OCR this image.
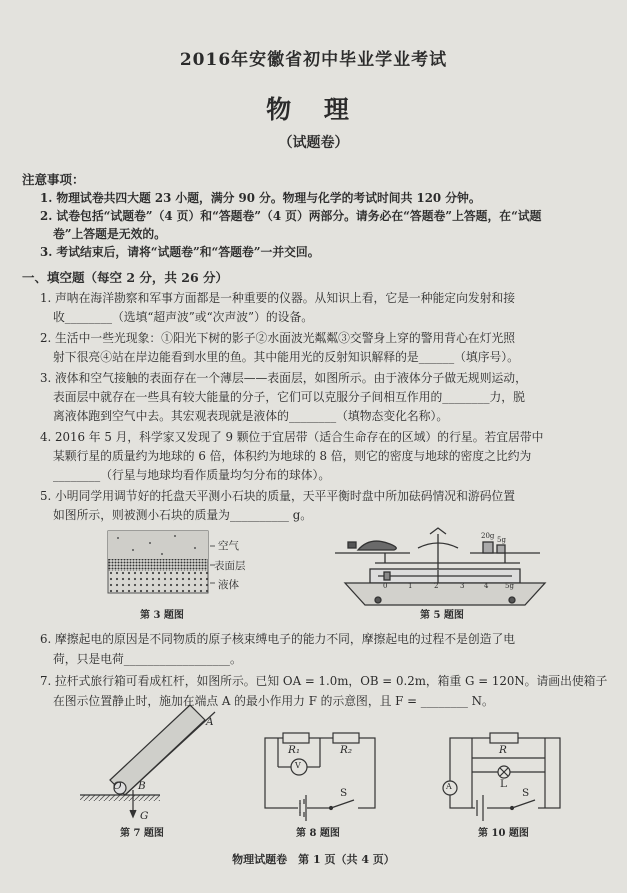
2016年安徽省初中毕业学业考试
物 理
（试题卷）
注意事项：
1. 物理试卷共四大题 23 小题，满分 90 分。物理与化学的考试时间共 120 分钟。
2. 试卷包括“试题卷”（4 页）和“答题卷”（4 页）两部分。请务必在“答题卷”上答题，在“试题
卷”上答题是无效的。
3. 考试结束后，请将“试题卷”和“答题卷”一并交回。
一、填空题（每空 2 分，共 26 分）
1. 声呐在海洋勘察和军事方面都是一种重要的仪器。从知识上看，它是一种能定向发射和接
收________（选填“超声波”或“次声波”）的设备。
2. 生活中一些光现象：①阳光下树的影子②水面波光粼粼③交警身上穿的警用背心在灯光照
射下很亮④站在岸边能看到水里的鱼。其中能用光的反射知识解释的是______（填序号）。
3. 液体和空气接触的表面存在一个薄层——表面层，如图所示。由于液体分子做无规则运动，
表面层中就存在一些具有较大能量的分子，它们可以克服分子间相互作用的________力，脱
离液体跑到空气中去。其宏观表现就是液体的________（填物态变化名称）。
4. 2016 年 5 月，科学家又发现了 9 颗位于宜居带（适合生命存在的区域）的行星。若宜居带中
某颗行星的质量约为地球的 6 倍，体积约为地球的 8 倍，则它的密度与地球的密度之比约为
________（行星与地球均看作质量均匀分布的球体）。
5. 小明同学用调节好的托盘天平测小石块的质量，天平平衡时盘中所加砝码情况和游码位置
如图所示，则被测小石块的质量为__________ g。
空气
表面层
液体
第 3 题图
20g 5g
0	1	2	3	4 5g
第 5 题图
6. 摩擦起电的原因是不同物质的原子核束缚电子的能力不同，摩擦起电的过程不是创造了电
荷，只是电荷__________________。
7. 拉杆式旅行箱可看成杠杆，如图所示。已知 OA = 1.0m，OB = 0.2m，箱重 G = 120N。请画出使箱子
在图示位置静止时，施加在端点 A 的最小作用力 F 的示意图，且 F = ________ N。
A
O B
G
第 7 题图
R₁	R₂
V
S
第 8 题图
R
A	L
S
第 10 题图
物理试题卷　第 1 页（共 4 页）
